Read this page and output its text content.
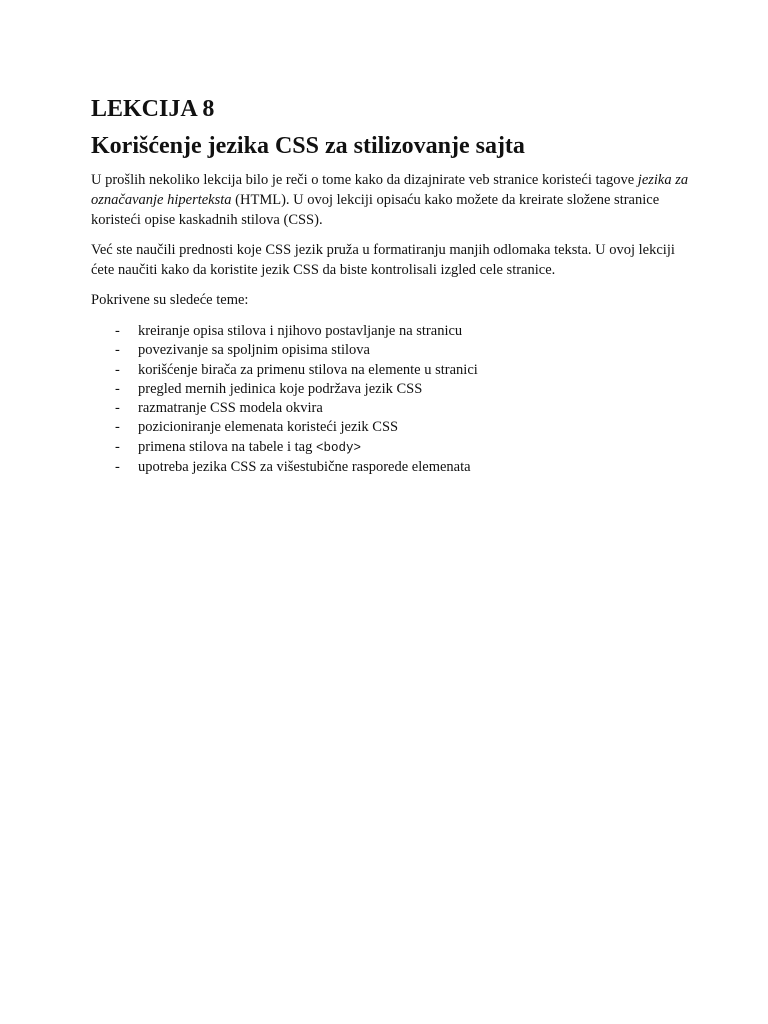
LEKCIJA 8
Korišćenje jezika CSS za stilizovanje sajta

U prošlih nekoliko lekcija bilo je reči o tome kako da dizajnirate veb stranice koristeći tagove jezika za označavanje hiperteksta (HTML). U ovoj lekciji opisaću kako možete da kreirate složene stranice koristeći opise kaskadnih stilova (CSS).

Već ste naučili prednosti koje CSS jezik pruža u formatiranju manjih odlomaka teksta. U ovoj lekciji ćete naučiti kako da koristite jezik CSS da biste kontrolisali izgled cele stranice.

Pokrivene su sledeće teme:

- kreiranje opisa stilova i njihovo postavljanje na stranicu
- povezivanje sa spoljnim opisima stilova
- korišćenje birača za primenu stilova na elemente u stranici
- pregled mernih jedinica koje podržava jezik CSS
- razmatranje CSS modela okvira
- pozicioniranje elemenata koristeći jezik CSS
- primena stilova na tabele i tag <body>
- upotreba jezika CSS za višestubične rasporede elemenata
